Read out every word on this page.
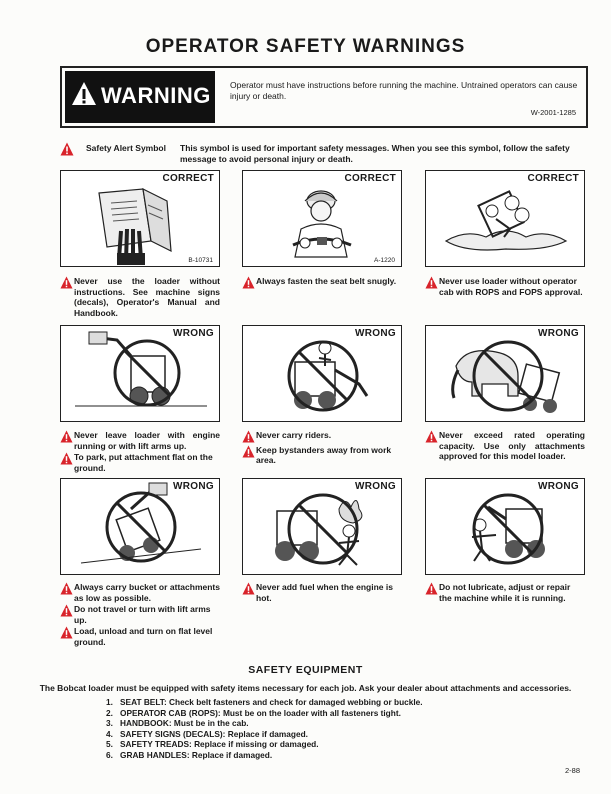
OPERATOR SAFETY WARNINGS
WARNING Operator must have instructions before running the machine. Untrained operators can cause injury or death.
W-2001-1285
Safety Alert Symbol This symbol is used for important safety messages. When you see this symbol, follow the safety message to avoid personal injury or death.
CORRECT
B-10731
CORRECT
A-1220
CORRECT
Never use the loader without instructions. See machine signs (decals), Operator's Manual and Handbook.
Always fasten the seat belt snugly.	Never use loader without operator cab with ROPS and FOPS approval.
WRONG	WRONG	WRONG
Never leave loader with engine running or with lift arms up.
To park, put attachment flat on the ground.
Never carry riders.
Keep bystanders away from work area.
Never exceed rated operating capacity. Use only attachments approved for this model loader.
WRONG	WRONG	WRONG
Always carry bucket or attachments as low as possible.
Do not travel or turn with lift arms up.
Load, unload and turn on flat level ground.
Never add fuel when the engine is hot.
Do not lubricate, adjust or repair the machine while it is running.
SAFETY EQUIPMENT
The Bobcat loader must be equipped with safety items necessary for each job. Ask your dealer about attachments and accessories.
1. SEAT BELT: Check belt fasteners and check for damaged webbing or buckle.
2. OPERATOR CAB (ROPS): Must be on the loader with all fasteners tight.
3. HANDBOOK: Must be in the cab.
4. SAFETY SIGNS (DECALS): Replace if damaged.
5. SAFETY TREADS: Replace if missing or damaged.
6. GRAB HANDLES: Replace if damaged.
2-88
